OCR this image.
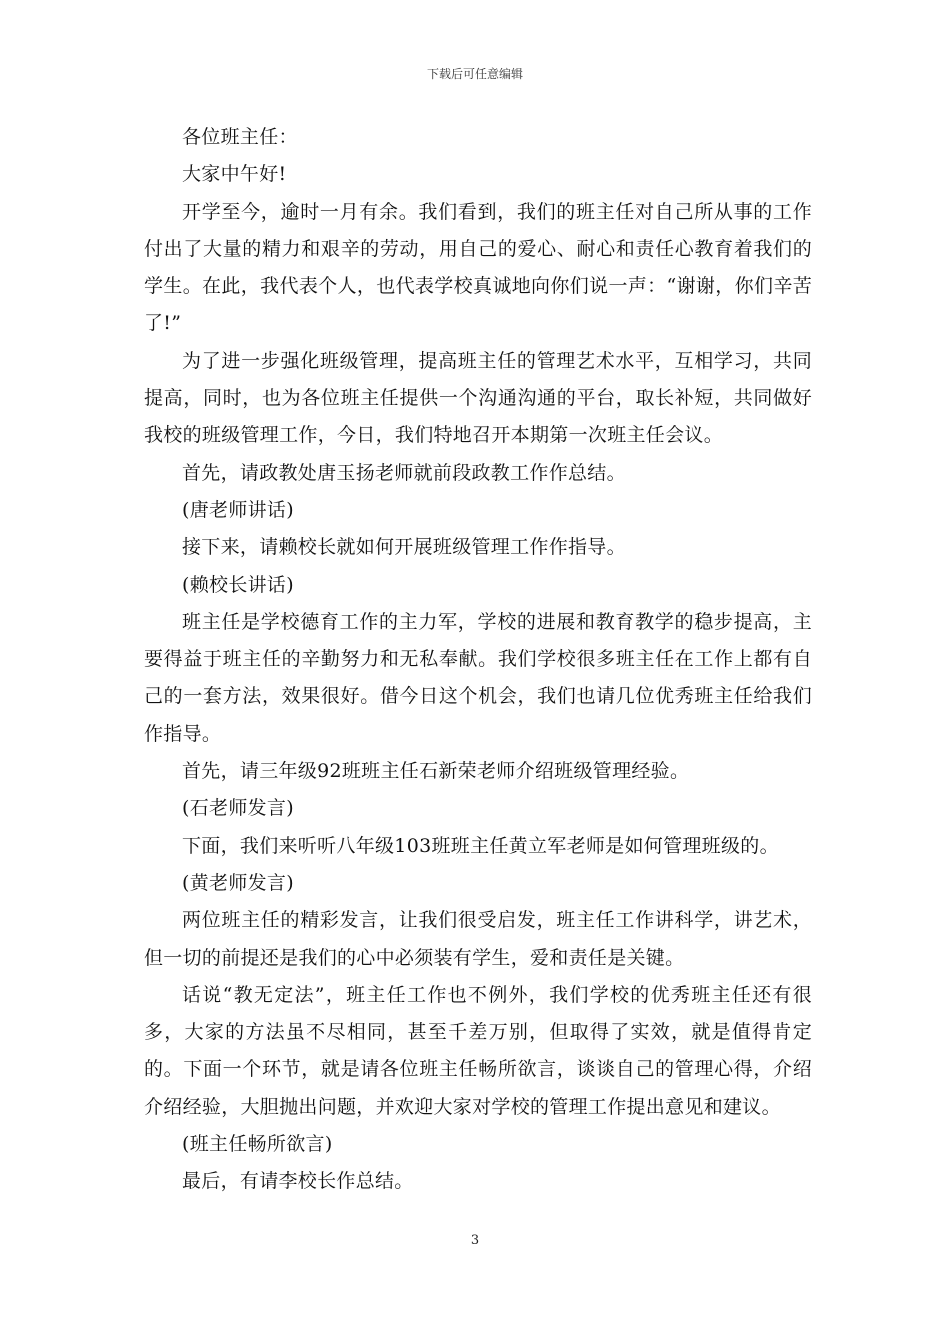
下载后可任意编辑

各位班主任：

大家中午好!

开学至今，逾时一月有余。我们看到，我们的班主任对自己所从事的工作付出了大量的精力和艰辛的劳动，用自己的爱心、耐心和责任心教育着我们的学生。在此，我代表个人，也代表学校真诚地向你们说一声：“谢谢，你们辛苦了!”

为了进一步强化班级管理，提高班主任的管理艺术水平，互相学习，共同提高，同时，也为各位班主任提供一个沟通沟通的平台，取长补短，共同做好我校的班级管理工作，今日，我们特地召开本期第一次班主任会议。

首先，请政教处唐玉扬老师就前段政教工作作总结。

(唐老师讲话)

接下来，请赖校长就如何开展班级管理工作作指导。

(赖校长讲话)

班主任是学校德育工作的主力军，学校的进展和教育教学的稳步提高，主要得益于班主任的辛勤努力和无私奉献。我们学校很多班主任在工作上都有自己的一套方法，效果很好。借今日这个机会，我们也请几位优秀班主任给我们作指导。

首先，请三年级92班班主任石新荣老师介绍班级管理经验。

(石老师发言)

下面，我们来听听八年级103班班主任黄立军老师是如何管理班级的。

(黄老师发言)

两位班主任的精彩发言，让我们很受启发，班主任工作讲科学，讲艺术，但一切的前提还是我们的心中必须装有学生，爱和责任是关键。

话说“教无定法”，班主任工作也不例外，我们学校的优秀班主任还有很多，大家的方法虽不尽相同，甚至千差万别，但取得了实效，就是值得肯定的。下面一个环节，就是请各位班主任畅所欲言，谈谈自己的管理心得，介绍介绍经验，大胆抛出问题，并欢迎大家对学校的管理工作提出意见和建议。

(班主任畅所欲言)

最后，有请李校长作总结。

3
